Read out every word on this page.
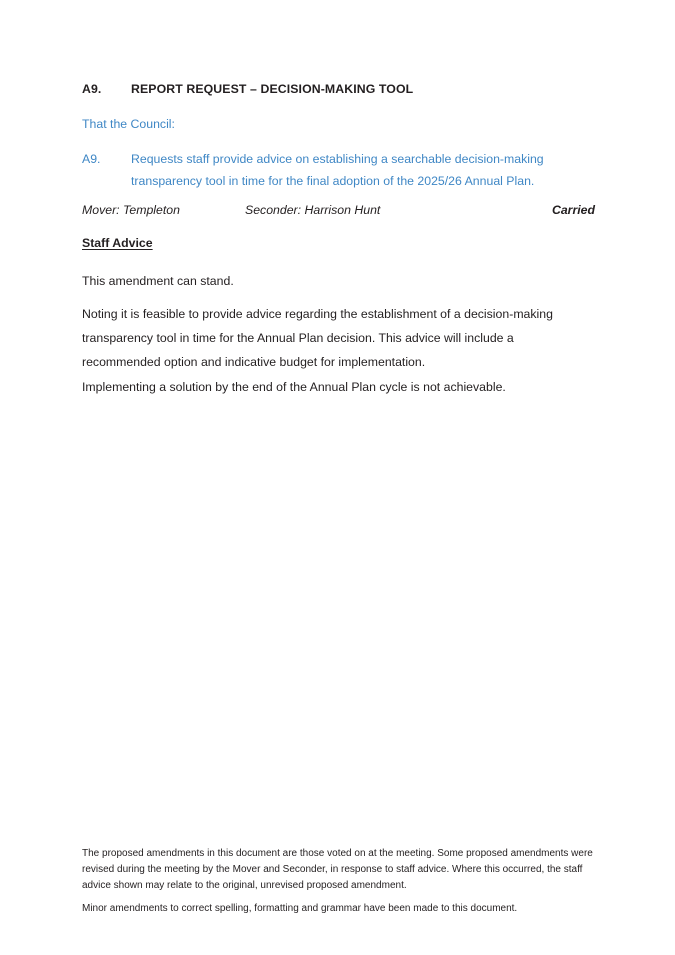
A9. REPORT REQUEST – DECISION-MAKING TOOL
That the Council:
A9.	Requests staff provide advice on establishing a searchable decision-making transparency tool in time for the final adoption of the 2025/26 Annual Plan.
Mover: Templeton	Seconder: Harrison Hunt	Carried
Staff Advice
This amendment can stand.
Noting it is feasible to provide advice regarding the establishment of a decision-making transparency tool in time for the Annual Plan decision. This advice will include a recommended option and indicative budget for implementation.
Implementing a solution by the end of the Annual Plan cycle is not achievable.
The proposed amendments in this document are those voted on at the meeting. Some proposed amendments were revised during the meeting by the Mover and Seconder, in response to staff advice. Where this occurred, the staff advice shown may relate to the original, unrevised proposed amendment.
Minor amendments to correct spelling, formatting and grammar have been made to this document.
